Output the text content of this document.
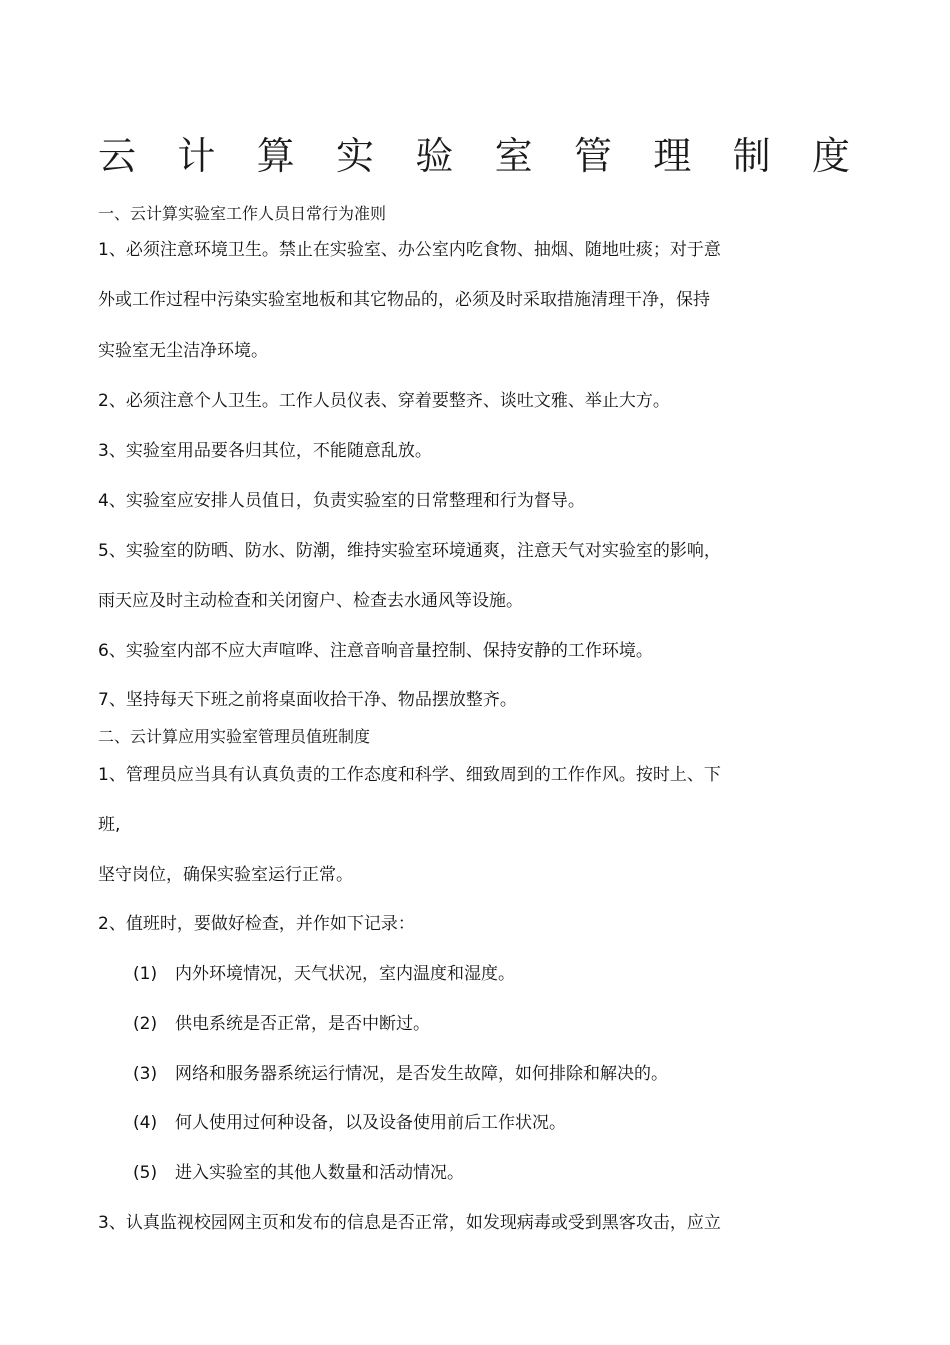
云 计 算 实 验 室 管 理 制 度
一、云计算实验室工作人员日常行为准则
1、必须注意环境卫生。禁止在实验室、办公室内吃食物、抽烟、随地吐痰；对于意
外或工作过程中污染实验室地板和其它物品的，必须及时采取措施清理干净，保持
实验室无尘洁净环境。
2、必须注意个人卫生。工作人员仪表、穿着要整齐、谈吐文雅、举止大方。
3、实验室用品要各归其位，不能随意乱放。
4、实验室应安排人员值日，负责实验室的日常整理和行为督导。
5、实验室的防晒、防水、防潮，维持实验室环境通爽，注意天气对实验室的影响，
雨天应及时主动检查和关闭窗户、检查去水通风等设施。
6、实验室内部不应大声喧哗、注意音响音量控制、保持安静的工作环境。
7、坚持每天下班之前将桌面收拾干净、物品摆放整齐。
二、云计算应用实验室管理员值班制度
1、管理员应当具有认真负责的工作态度和科学、细致周到的工作作风。按时上、下
班,
坚守岗位，确保实验室运行正常。
2、值班时，要做好检查，并作如下记录：
(1) 内外环境情况，天气状况，室内温度和湿度。
(2) 供电系统是否正常，是否中断过。
(3) 网络和服务器系统运行情况，是否发生故障，如何排除和解决的。
(4) 何人使用过何种设备，以及设备使用前后工作状况。
(5) 进入实验室的其他人数量和活动情况。
3、认真监视校园网主页和发布的信息是否正常，如发现病毒或受到黑客攻击，应立
